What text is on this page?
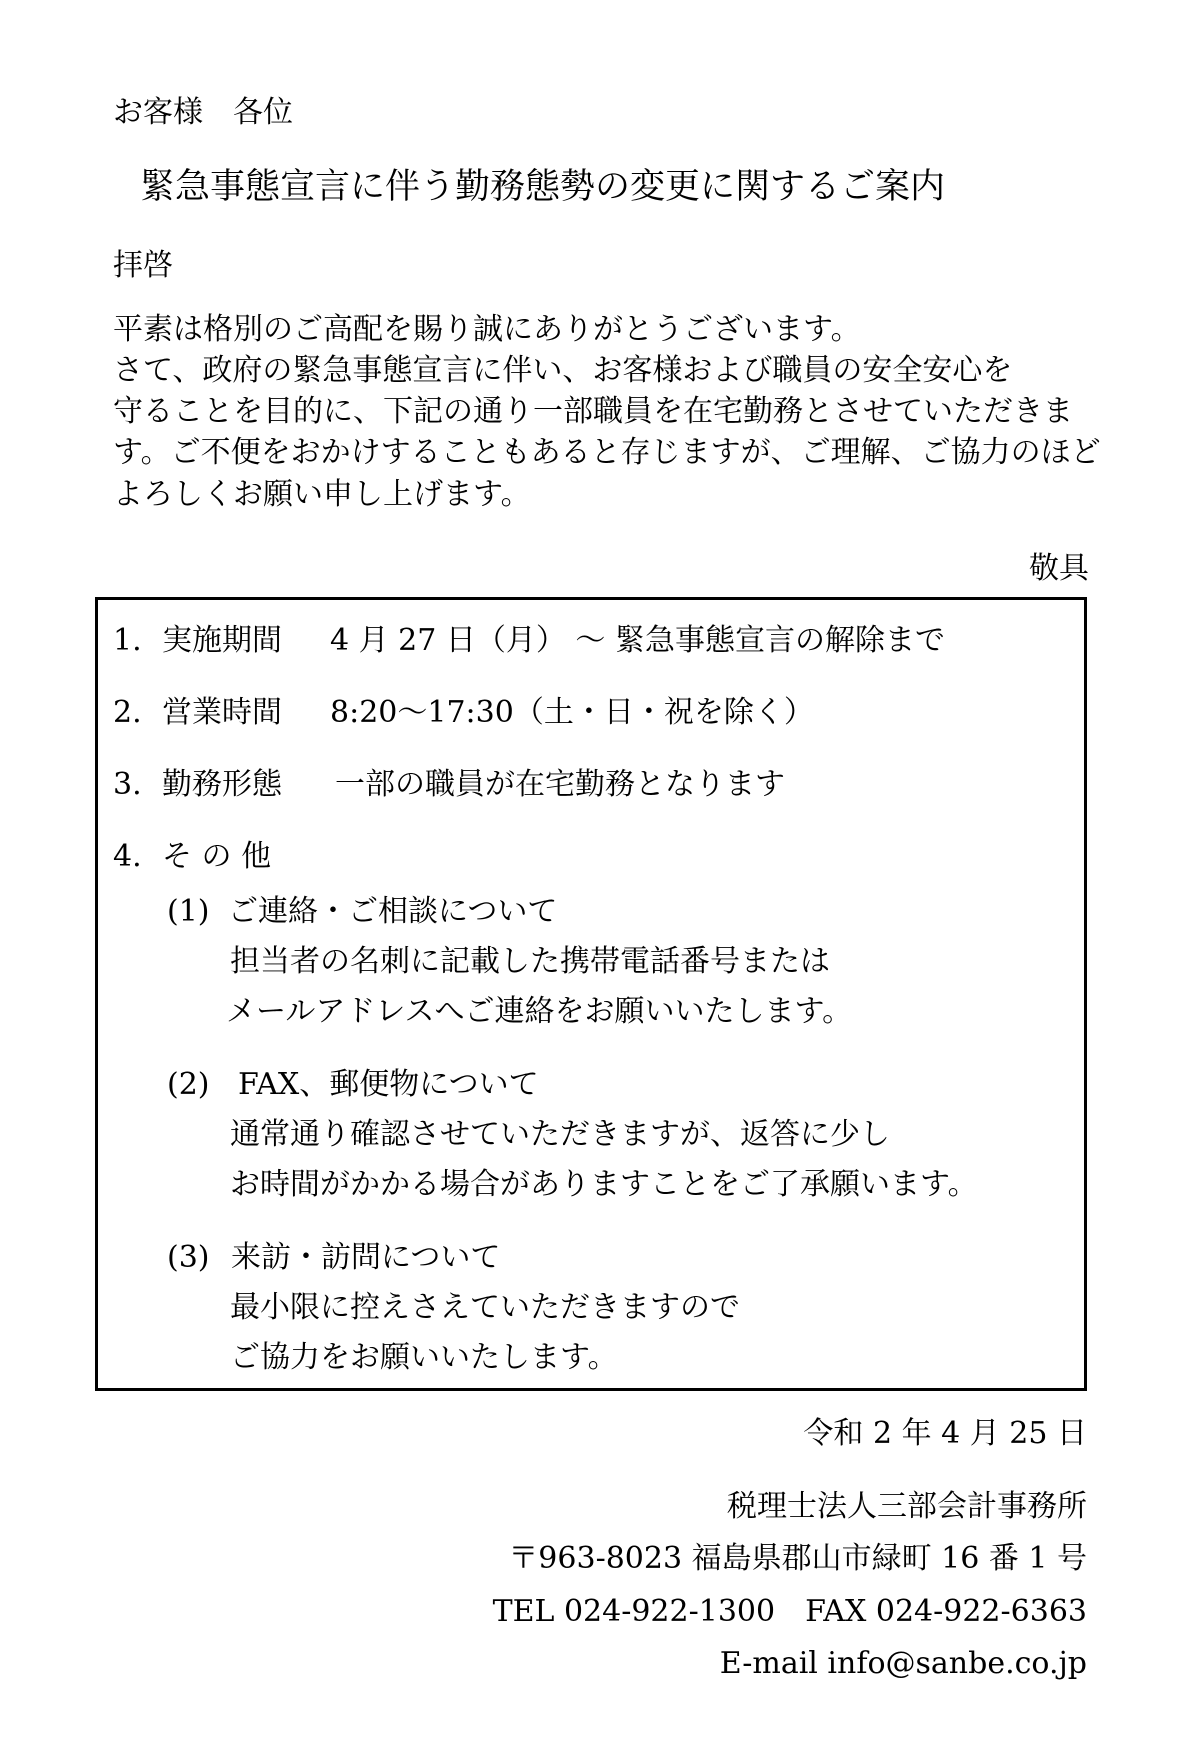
お客様　各位
緊急事態宣言に伴う勤務態勢の変更に関するご案内
拝啓
平素は格別のご高配を賜り誠にありがとうございます。
さて、政府の緊急事態宣言に伴い、お客様および職員の安全安心を
守ることを目的に、下記の通り一部職員を在宅勤務とさせていただきま
す。ご不便をおかけすることもあると存じますが、ご理解、ご協力のほど
よろしくお願い申し上げます。
敬具
1. 実施期間 4 月 27 日（月） 〜 緊急事態宣言の解除まで
2. 営業時間 8:20〜17:30（土・日・祝を除く）
3. 勤務形態 一部の職員が在宅勤務となります
4. そ の 他
(1) ご連絡・ご相談について
担当者の名刺に記載した携帯電話番号または
メールアドレスへご連絡をお願いいたします。
(2) FAX、郵便物について
通常通り確認させていただきますが、返答に少し
お時間がかかる場合がありますことをご了承願います。
(3) 来訪・訪問について
最小限に控えさえていただきますので
ご協力をお願いいたします。
令和 2 年 4 月 25 日
税理士法人三部会計事務所
〒963-8023 福島県郡山市緑町 16 番 1 号
TEL 024-922-1300　FAX 024-922-6363
E-mail info@sanbe.co.jp
